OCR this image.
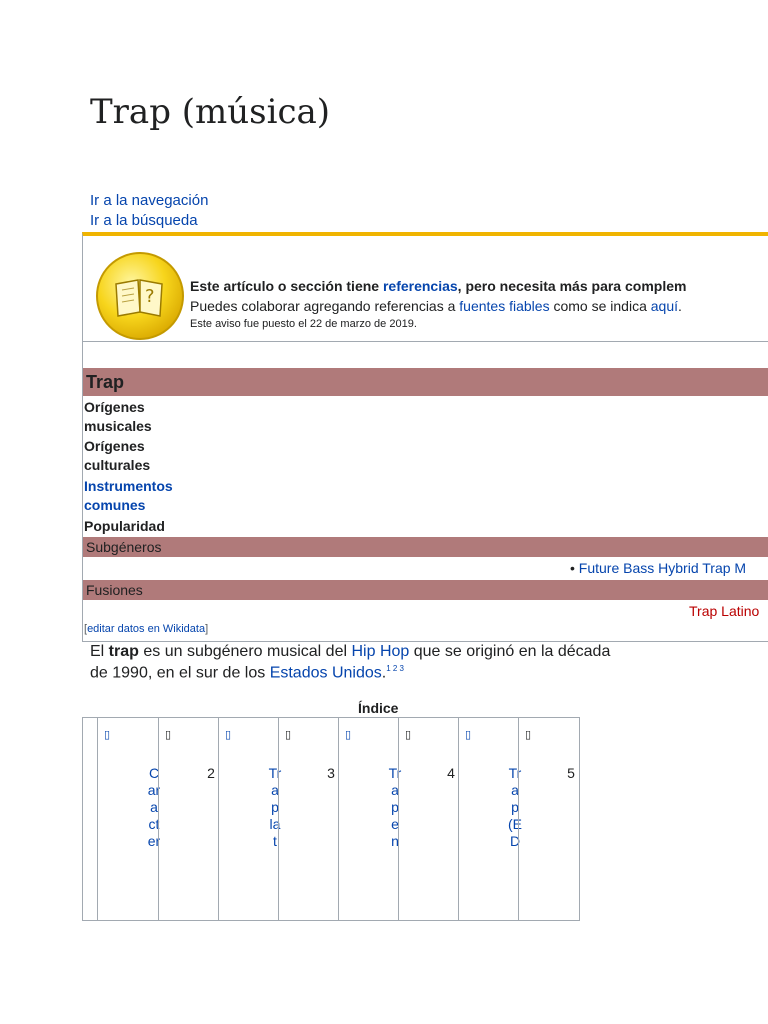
Trap (música)
Ir a la navegación
Ir a la búsqueda
?	Este artículo o sección tiene referencias, pero necesita más para complem
Puedes colaborar agregando referencias a fuentes fiables como se indica aquí.
Este aviso fue puesto el 22 de marzo de 2019.
Trap
Orígenes
musicales
Orígenes
culturales
Instrumentos
comunes
Popularidad
Subgéneros
• Future Bass Hybrid Trap M
Fusiones
Trap Latino
[editar datos en Wikidata]
El trap es un subgénero musical del Hip Hop que se originó en la década
de 1990, en el sur de los Estados Unidos.$^{1 2 3}$
Índice
▯
Caracter
▯
2
▯
Trap lat
▯
3
▯
Trap en
▯
4
▯
Trap (ED
▯
5
